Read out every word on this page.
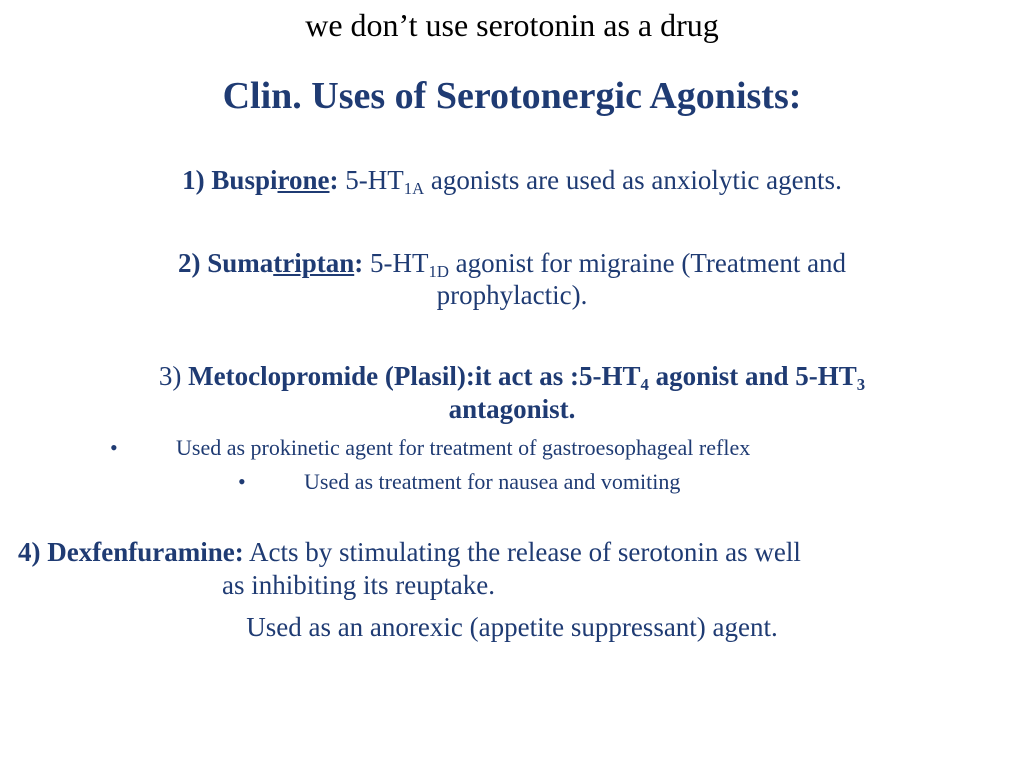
we don’t use serotonin as a drug
Clin. Uses of Serotonergic Agonists:
1) Buspirone: $5-HT_{1A}$ agonists are used as anxiolytic agents.
2) Sumatriptan: $5-HT_{1D}$ agonist for migraine (Treatment and
prophylactic).
3) Metoclopromide (Plasil):it act as $:5-HT_4$ agonist and $5-HT_3$
antagonist.
•	Used as prokinetic agent for treatment of gastroesophageal reflex
•	Used as treatment for nausea and vomiting
4) Dexfenfuramine: Acts by stimulating the release of serotonin as well
as inhibiting its reuptake.
Used as an anorexic (appetite suppressant) agent.
